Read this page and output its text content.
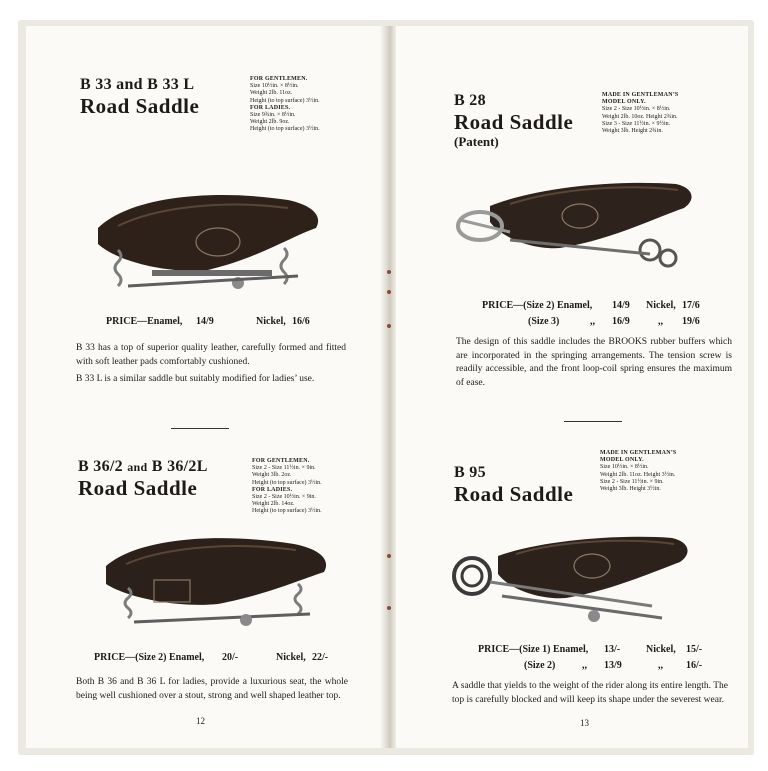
B 33 and B 33 L
Road Saddle
FOR GENTLEMEN.
Size 10½in. × 8½in.
Weight 2lb. 11oz.
Height (to top surface) 3½in.
FOR LADIES.
Size 9¾in. × 8½in.
Weight 2lb. 9oz.
Height (to top surface) 3½in.
PRICE—Enamel, 14/9	Nickel, 16/6

B 33 has a top of superior quality leather, carefully formed and fitted with soft leather pads comfortably cushioned.

B 33 L is a similar saddle but suitably modified for ladies’ use.

B 36/2 and B 36/2L
Road Saddle
FOR GENTLEMEN.
Size 2 - Size 11½in. × 9in.
Weight 3lb. 2oz.
Height (to top surface) 3½in.
FOR LADIES.
Size 2 - Size 10½in. × 9in.
Weight 2lb. 14oz.
Height (to top surface) 3½in.
PRICE—(Size 2) Enamel, 20/-	Nickel, 22/-

Both B 36 and B 36 L for ladies, provide a luxurious seat, the whole being well cushioned over a stout, strong and well shaped leather top.

12
B 28
Road Saddle
(Patent)
MADE IN GENTLEMAN’S
MODEL ONLY.
Size 2 - Size 10½in. × 8½in.
Weight 2lb. 10oz. Height 2¾in.
Size 3 - Size 11½in. × 9½in.
Weight 3lb. Height 2¾in.
PRICE—(Size 2) Enamel, 14/9 Nickel, 17/6
(Size 3)	,, 16/9	,, 19/6

The design of this saddle includes the BROOKS rubber buffers which are incorporated in the springing arrangements. The tension screw is readily accessible, and the front loop-coil spring ensures the maximum of ease.

B 95
Road Saddle
MADE IN GENTLEMAN’S
MODEL ONLY.
Size 10½in. × 8½in.
Weight 2lb. 11oz. Height 3½in.
Size 2 - Size 11½in. × 9in.
Weight 3lb. Height 3½in.
PRICE—(Size 1) Enamel, 13/-	Nickel, 15/-
(Size 2)	,, 13/9	,, 16/-

A saddle that yields to the weight of the rider along its entire length. The top is carefully blocked and will keep its shape under the severest wear.

13
